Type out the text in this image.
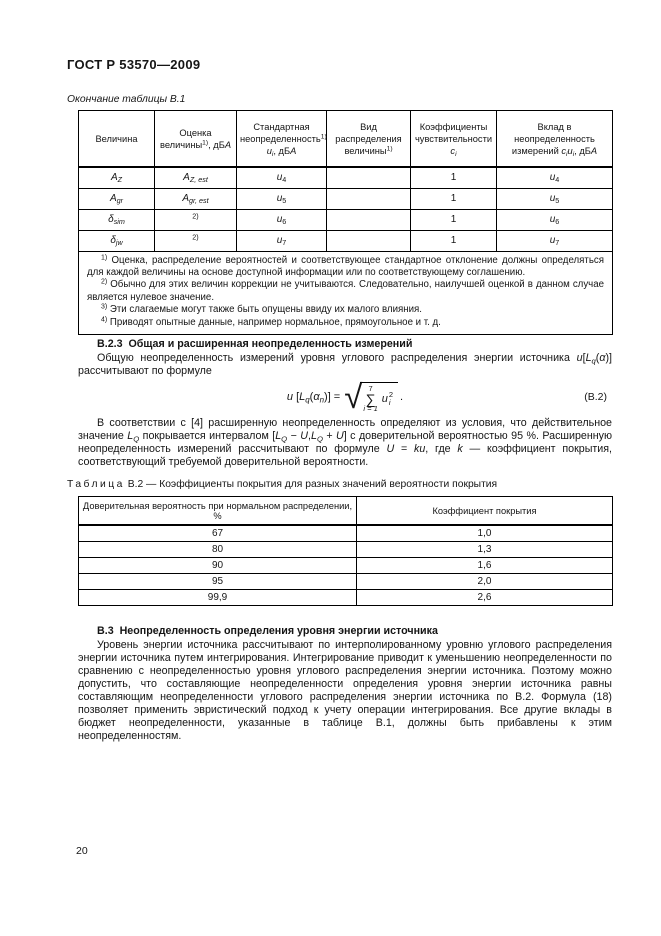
ГОСТ Р 53570—2009
Окончание таблицы В.1
Величина	Оценка величины$^{1)}$, дБА	Стандартная неопределенность$^{1)}$ $u_i$, дБА	Вид распределения величины$^{1)}$	Коэффициенты чувствительности $c_i$	Вклад в неопределенность измерений $c_iu_i$, дБА
$A_Z$	$A_{Z, est}$	$u_4$		1	$u_4$
$A_{gr}$	$A_{gr, est}$	$u_5$		1	$u_5$
$\delta_{sim}$	$^{2)}$	$u_6$		1	$u_6$
$\delta_{jw}$	$^{2)}$	$u_7$		1	$u_7$

$^{1)}$ Оценка, распределение вероятностей и соответствующее стандартное отклонение должны определяться для каждой величины на основе доступной информации или по соответствующему соглашению.

$^{2)}$ Обычно для этих величин коррекции не учитываются. Следовательно, наилучшей оценкой в данном случае является нулевое значение.

$^{3)}$ Эти слагаемые могут также быть опущены ввиду их малого влияния.

$^{4)}$ Приводят опытные данные, например нормальное, прямоугольное и т. д.					

В.2.3  Общая и расширенная неопределенность измерений
Общую неопределенность измерений уровня углового распределения энергии источника $u[L_q(\alpha)]$ рассчитывают по формуле
u $[L_q(\alpha_n)]$ = √ 7
∑
i = 1
u 2
i .	(В.2)
В соответствии с [4] расширенную неопределенность определяют из условия, что действительное значение $L_Q$ покрывается интервалом $[L_Q - U,L_Q + U]$ с доверительной вероятностью 95 %. Расширенную неопределенность измерений рассчитывают по формуле U = ku, где k — коэффициент покрытия, соответствующий требуемой доверительной вероятности.
Таблица В.2 — Коэффициенты покрытия для разных значений вероятности покрытия
Доверительная вероятность при нормальном распределении, %	Коэффициент покрытия
67	1,0
80	1,3
90	1,6
95	2,0
99,9	2,6
В.3  Неопределенность определения уровня энергии источника
Уровень энергии источника рассчитывают по интерполированному уровню углового распределения энергии источника путем интегрирования. Интегрирование приводит к уменьшению неопределенности по сравнению с неопределенностью уровня углового распределения энергии источника. Поэтому можно допустить, что составляющие неопределенности определения уровня энергии источника равны составляющим неопределенности углового распределения энергии источника по В.2. Формула (18) позволяет применить эвристический подход к учету операции интегрирования. Все другие вклады в бюджет неопределенности, указанные в таблице В.1, должны быть прибавлены к этим неопределенностям.
20
